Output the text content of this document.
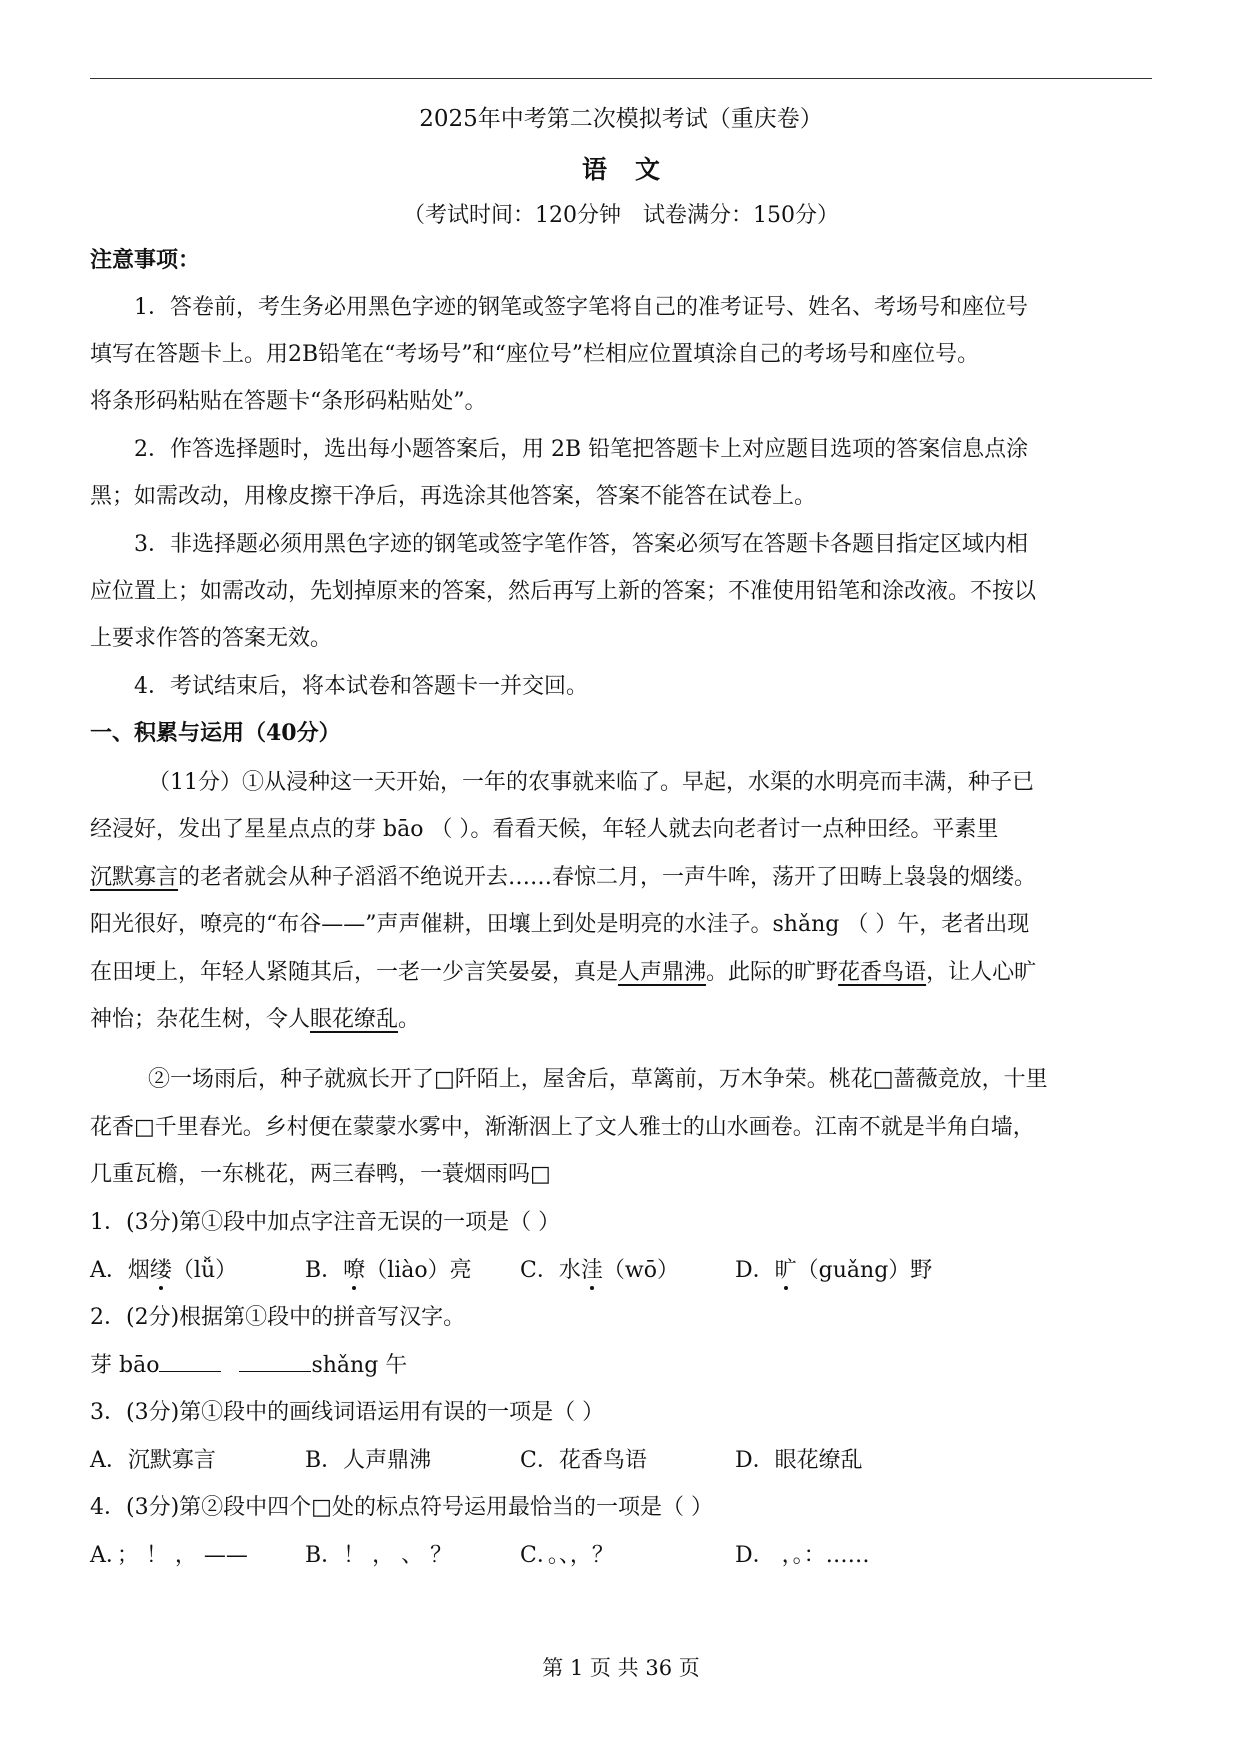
2025年中考第二次模拟考试（重庆卷）
语文
（考试时间：120分钟　试卷满分：150分）
注意事项：
1．答卷前，考生务必用黑色字迹的钢笔或签字笔将自己的准考证号、姓名、考场号和座位号
填写在答题卡上。用2B铅笔在“考场号”和“座位号”栏相应位置填涂自己的考场号和座位号。
将条形码粘贴在答题卡“条形码粘贴处”。
2．作答选择题时，选出每小题答案后，用 2B 铅笔把答题卡上对应题目选项的答案信息点涂
黑；如需改动，用橡皮擦干净后，再选涂其他答案，答案不能答在试卷上。
3．非选择题必须用黑色字迹的钢笔或签字笔作答，答案必须写在答题卡各题目指定区域内相
应位置上；如需改动，先划掉原来的答案，然后再写上新的答案；不准使用铅笔和涂改液。不按以
上要求作答的答案无效。
4．考试结束后，将本试卷和答题卡一并交回。
一、积累与运用（40分）
（11分）①从浸种这一天开始，一年的农事就来临了。早起，水渠的水明亮而丰满，种子已
经浸好，发出了星星点点的芽 bāo （ ）。看看天候，年轻人就去向老者讨一点种田经。平素里
沉默寡言的老者就会从种子滔滔不绝说开去……春惊二月，一声牛哞，荡开了田畴上袅袅的烟缕。
阳光很好，嘹亮的“布谷——”声声催耕，田壤上到处是明亮的水洼子。shǎng （ ）午，老者出现
在田埂上，年轻人紧随其后，一老一少言笑晏晏，真是人声鼎沸。此际的旷野花香鸟语，让人心旷
神怡；杂花生树，令人眼花缭乱。
②一场雨后，种子就疯长开了□阡陌上，屋舍后，草篱前，万木争荣。桃花□蔷薇竞放，十里
花香□千里春光。乡村便在蒙蒙水雾中，渐渐洇上了文人雅士的山水画卷。江南不就是半角白墙，
几重瓦檐，一东桃花，两三春鸭，一蓑烟雨吗□
1．(3分)第①段中加点字注音无误的一项是（ ）
A．烟缕（lǚ）	B．嘹（liào）亮 C．水洼（wō）	D．旷（guǎng）野
2．(2分)根据第①段中的拼音写汉字。
芽 bāo	shǎng 午
3．(3分)第①段中的画线词语运用有误的一项是（ ）
A．沉默寡言	B．人声鼎沸	C．花香鸟语	D．眼花缭乱
4．(3分)第②段中四个□处的标点符号运用最恰当的一项是（ ）
A．； ！ ， ——	B．！ ， 、 ？	C．。、，？	D． ，。：……
第 1 页 共 36 页
